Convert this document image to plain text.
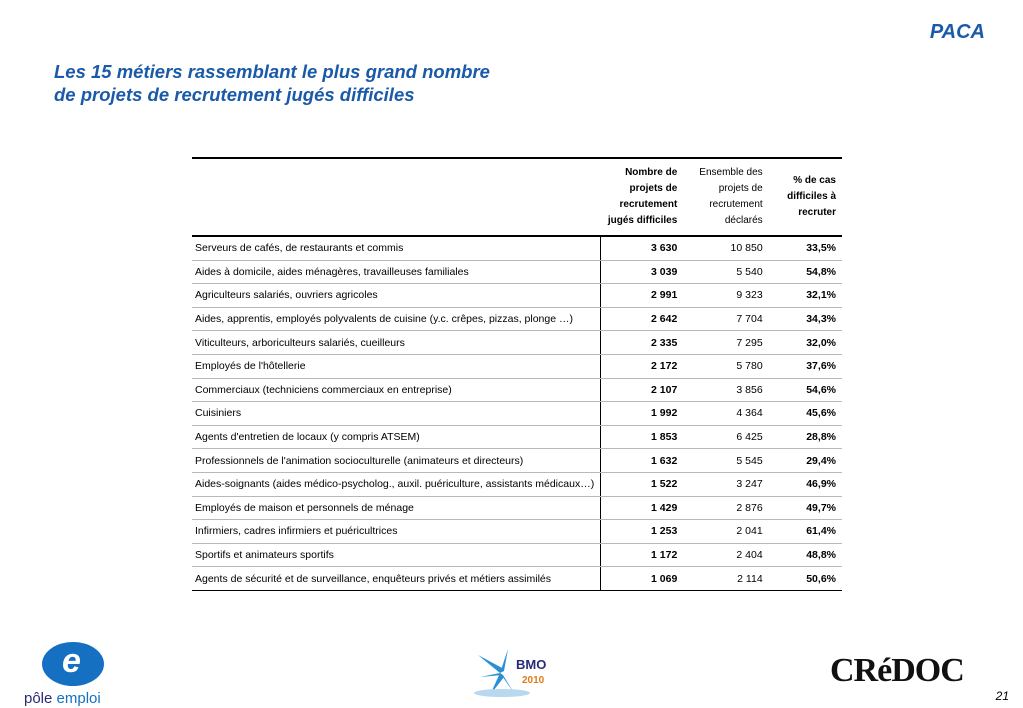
PACA
Les 15 métiers rassemblant le plus grand nombre
de projets de recrutement jugés difficiles
	Nombre de projets de recrutement jugés difficiles	Ensemble des projets de recrutement déclarés	% de cas difficiles à recruter
Serveurs de cafés, de restaurants et commis	3 630	10 850	33,5%
Aides à domicile, aides ménagères, travailleuses familiales	3 039	5 540	54,8%
Agriculteurs salariés, ouvriers agricoles	2 991	9 323	32,1%
Aides, apprentis, employés polyvalents de cuisine (y.c. crêpes, pizzas, plonge …)	2 642	7 704	34,3%
Viticulteurs, arboriculteurs salariés, cueilleurs	2 335	7 295	32,0%
Employés de l'hôtellerie	2 172	5 780	37,6%
Commerciaux (techniciens commerciaux en entreprise)	2 107	3 856	54,6%
Cuisiniers	1 992	4 364	45,6%
Agents d'entretien de locaux (y compris ATSEM)	1 853	6 425	28,8%
Professionnels de l'animation socioculturelle (animateurs et directeurs)	1 632	5 545	29,4%
Aides-soignants (aides médico-psycholog., auxil. puériculture, assistants médicaux…)	1 522	3 247	46,9%
Employés de maison et personnels de ménage	1 429	2 876	49,7%
Infirmiers, cadres infirmiers et puéricultrices	1 253	2 041	61,4%
Sportifs et animateurs sportifs	1 172	2 404	48,8%
Agents de sécurité et de surveillance, enquêteurs privés et métiers assimilés	1 069	2 114	50,6%
e
pôle emploi
BMO
2010	CRéDOC
21
